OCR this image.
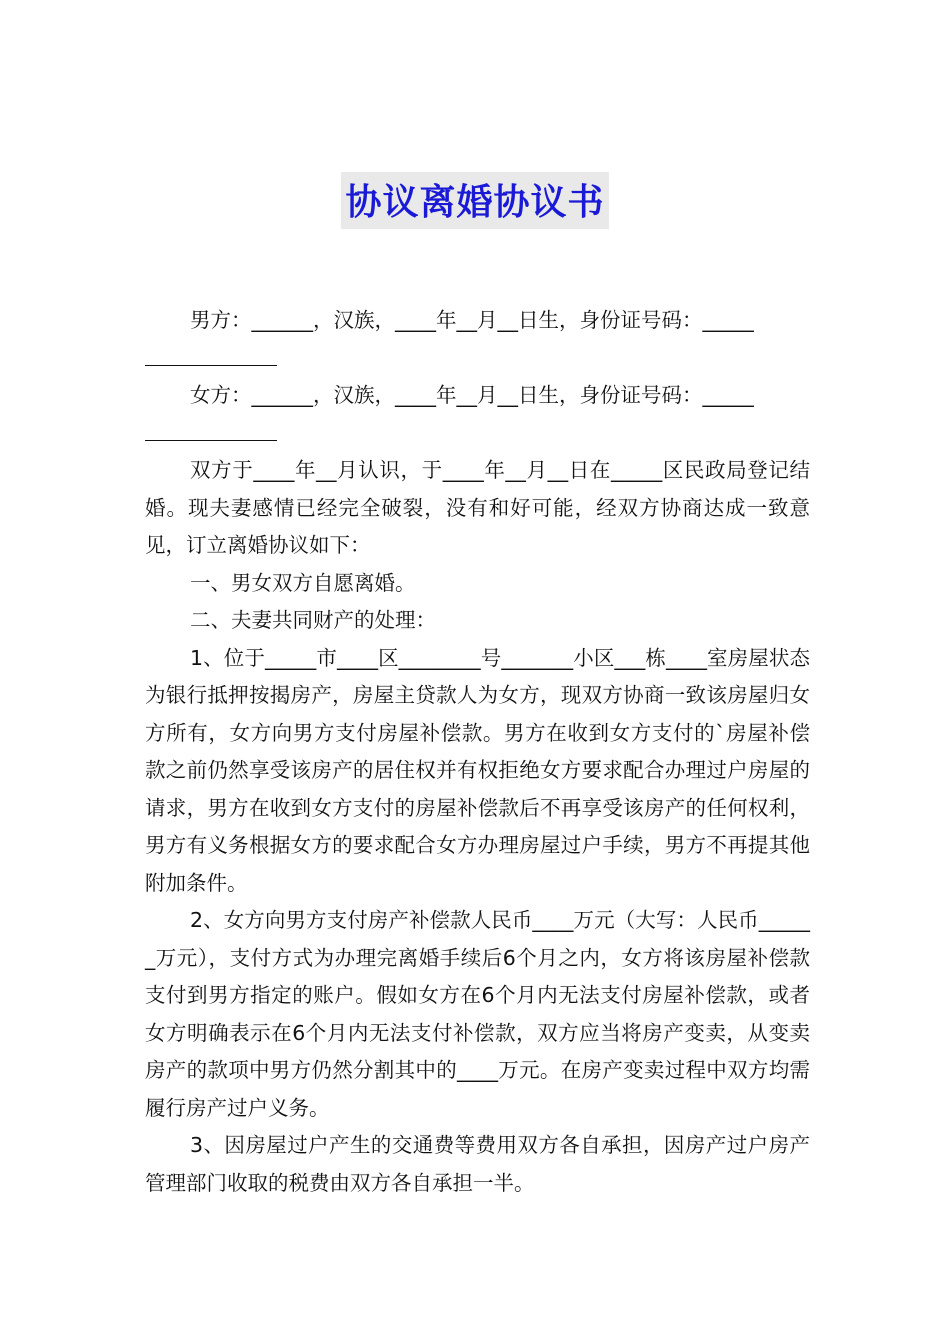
协议离婚协议书

男方：______，汉族，____年__月__日生，身份证号码：_____

女方：______，汉族，____年__月__日生，身份证号码：_____

双方于____年__月认识，于____年__月__日在_____区民政局登记结婚。现夫妻感情已经完全破裂，没有和好可能，经双方协商达成一致意见，订立离婚协议如下：

一、男女双方自愿离婚。

二、夫妻共同财产的处理：

1、位于_____市____区________号_______小区___栋____室房屋状态为银行抵押按揭房产，房屋主贷款人为女方，现双方协商一致该房屋归女方所有，女方向男方支付房屋补偿款。男方在收到女方支付的`房屋补偿款之前仍然享受该房产的居住权并有权拒绝女方要求配合办理过户房屋的请求，男方在收到女方支付的房屋补偿款后不再享受该房产的任何权利，男方有义务根据女方的要求配合女方办理房屋过户手续，男方不再提其他附加条件。

2、女方向男方支付房产补偿款人民币____万元（大写：人民币______万元），支付方式为办理完离婚手续后6个月之内，女方将该房屋补偿款支付到男方指定的账户。假如女方在6个月内无法支付房屋补偿款，或者女方明确表示在6个月内无法支付补偿款，双方应当将房产变卖，从变卖房产的款项中男方仍然分割其中的____万元。在房产变卖过程中双方均需履行房产过户义务。

3、因房屋过户产生的交通费等费用双方各自承担，因房产过户房产管理部门收取的税费由双方各自承担一半。
